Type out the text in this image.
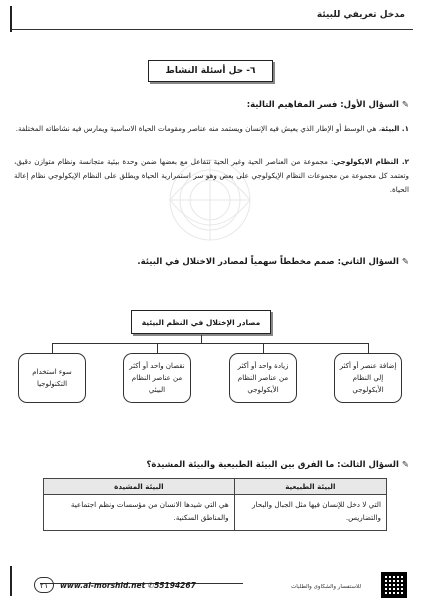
مدخل تعريفي للبيئة
٦- حل أسئلة النشاط
✎السؤال الأول: فسر المفاهيم التالية:
١. البيئة، هي الوسط أو الإطار الذي يعيش فيه الإنسان ويستمد منه عناصر ومقومات الحياة الاساسية ويمارس فيه نشاطاته المختلفة.
٢. النظام الايكولوجي: مجموعة من العناصر الحية وغير الحية تتفاعل مع بعضها ضمن وحدة بيئية متجانسة ونظام متوازن دقيق، وتعتمد كل مجموعة من مجموعات النظام الإيكولوجي على بعض وهو سر استمرارية الحياة ويطلق على النظام الإيكولوجي نظام إعالة الحياة.
✎السؤال الثاني: صمم مخططاً سهمياً لمصادر الاختلال في البيئة.
مصادر الإختلال في النظم البيئية
إضافة عنصر أو أكثر إلي النظام الأيكولوجي
زيادة واحد أو أكثر من عناصر النظام الأيكولوجي
نقصان واحد أو أكثر من عناصر النظام البيئي
سوء استخدام التكنولوجيا
✎السؤال الثالث: ما الفرق بين البيئة الطبيعية والبيئة المشيدة؟
البيئة الطبيعية	البيئة المشيدة
التي لا دخل للإنسان فيها مثل الجبال والبحار والتضاريس.	هي التي شيدها الانسان من مؤسسات ونظم اجتماعية والمناطق السكنية.
٢١	www.al-morshid.net ✆55194267	للاستفسار والشكاوى والطلبات
